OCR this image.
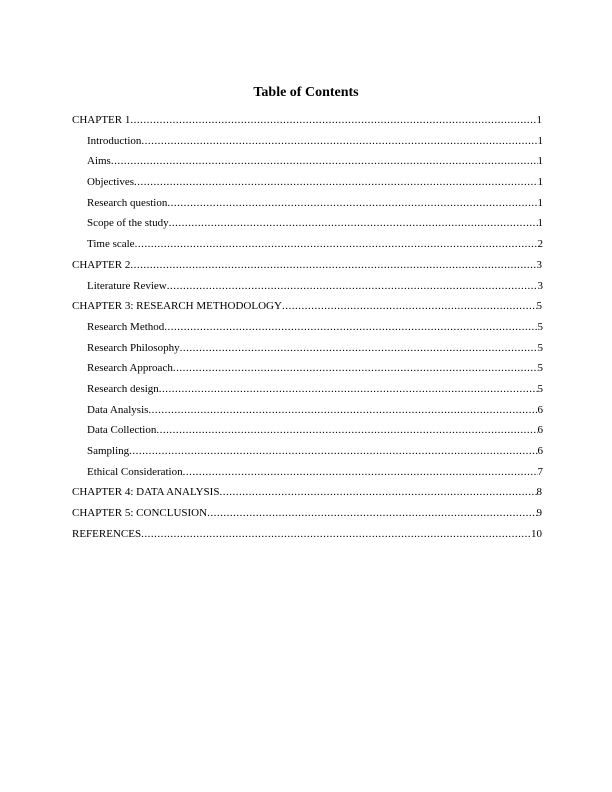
Table of Contents
CHAPTER 1 .....	1
Introduction .....	1
Aims .....	1
Objectives .....	1
Research question .....	1
Scope of the study .....	1
Time scale .....	2
CHAPTER 2 .....	3
Literature Review .....	3
CHAPTER 3: RESEARCH METHODOLOGY .....	5
Research Method .....	5
Research Philosophy .....	5
Research Approach .....	5
Research design .....	5
Data Analysis .....	6
Data Collection .....	6
Sampling .....	6
Ethical Consideration .....	7
CHAPTER 4: DATA ANALYSIS .....	8
CHAPTER 5: CONCLUSION .....	9
REFERENCES .....	10
